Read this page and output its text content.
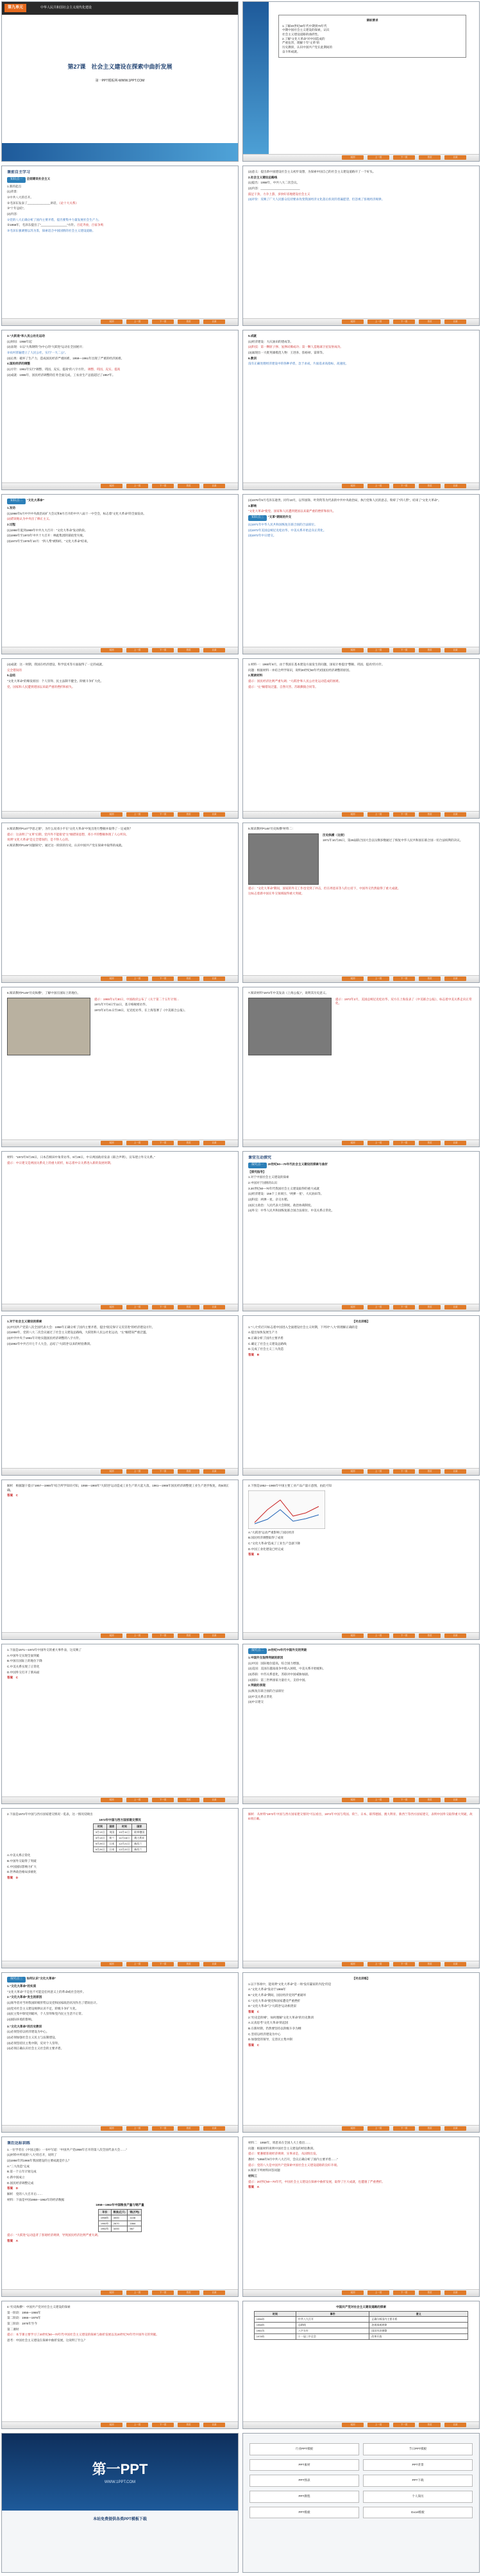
第九单元	中华人民共和国社会主义现代化建设
第27课　社会主义建设在探索中曲折发展
第一PPT模板网-WWW.1PPT.COM
课标要求
1.了解20世纪50年代中期到70年代
中期中国社会主义建设的探索，认识
社会主义建设道路的曲折性。
2.了解“文化大革命”对中国造成的
严重危害，理解十年“文革”的
历史教训，认识中国共产党在此期间的
奋斗和成就。
返回	上一页	下一页	首页	目录
课前自主学习
知识点一 全面建设社会主义

1.新的起点

(1)背景：

①中共八大的召开。

②毛泽东发表了______________讲话，《论十大关系》

③“十年总结”。

(2)内容：

①党的八大正确分析了国内主要矛盾，提出要集中力量发展社会生产力。

②1956年，毛泽东提出了“________________”方针。百花齐放，百家争鸣

③毛泽东强调要以苏为鉴，探索适合中国国情的社会主义建设道路。

返回	上一页	下一页	首页	目录

(2)意义：提出新中国建设社会主义初步设想，为探索中国自己的社会主义建设道路开了一个好头。

2.社会主义建设总路线

(1)提出：1958年，中共八大二次会议。

(2)内容：________________________

鼓足干劲，力争上游，多快好省地建设社会主义

(3)评价：反映了广大人民群众迫切要求改变我国经济文化落后状况的普遍愿望，但忽视了客观经济规律。

返回	上一页	下一页	首页	目录

3.“大跃进”和人民公社化运动

(1)时间：1958年起

(2)表现：①以“大炼钢铁”为中心的“大跃进”运动在全国展开；

②农村普遍建立了人民公社，实行“一大二公”。

(3)后果：破坏了生产力，造成国民经济严重困难，1959—1961年出现了严重的经济困难。

4.国民经济的调整

(1)方针：1961年实行“调整、巩固、充实、提高”的八字方针。 调整、巩固、充实、提高

(2)成就：1965年，国民经济调整的任务全面完成，工农业生产总值超过了1957年。

返回	上一页	下一页	首页	目录

5.成就

(1)经济建设：大庆油田的建成等。

(2)科技：第一颗原子弹、氢弹试爆成功；第一颗人造地球卫星发射成功。

(3)涌现出一大批英雄模范人物：王进喜、焦裕禄、雷锋等。

6.教训

没有正确处理经济建设中的各种矛盾，急于求成，片面追求高指标、高速度。

返回	上一页	下一页	首页	目录
知识点二 “文化大革命”

1.发动

(1)1966年5月中共中央政治局扩大会议和8月召开的中共八届十一中全会，标志着“文化大革命”的全面发动。

(2)错误地认为中央出了修正主义。

2.过程

(1)1966年夏到1969年中共九大召开：“文化大革命”发动阶段。

(2)1969年至1973年中共十大召开：林彪集团阴谋政变失败。

(3)1973年至1976年10月：“四人帮”被粉碎，“文化大革命”结束。

返回	上一页	下一页	首页	目录

(4)1976年9月毛泽东逝世。同年10月，以华国锋、叶剑英等为代表的中共中央政治局，执行党和人民的意志，粉碎了“四人帮”，结束了“文化大革命”。

3.影响

“文化大革命”使党、国家和人民遭到建国以来最严重的挫折和损失。

知识点三 “文革”期间的外交

(1)1971年中华人民共和国恢复在联合国的合法席位。

(2)1972年美国总统尼克松访华，中美关系开始走向正常化。

(3)1972年中日建交。

返回	上一页	下一页	首页	目录

(4)成就：这一时期，我国在经济建设、科学技术等方面取得了一定的成就。

完全错误的

5.总结

“文化大革命”的爆发原因：个人崇拜、民主法制不健全、阶级斗争扩大化。

党、国家和人民遭到建国以来最严重的挫折和损失。

返回	上一页	下一页	首页	目录

1.材料一：1960年8月，由于我国在基本建设方面发生的问题，国家计委提出“整顿、巩固、提高”的方针。

问题：根据材料一并结合所学知识，说明20世纪60年代初国民经济调整的原因。

2.阅读材料

提示：国民经济比例严重失调；“大跃进”和人民公社化运动造成的困难。

提示：“左”倾错误泛滥、自然灾害、苏联撕毁合同等。

返回	上一页	下一页	首页	目录

3.阅读教材P147“学思之窗”，为什么说邓小平在“文化大革命”中复出进行整顿并取得了一定成效？

提示：这表明了“文革”后期，党内外不能接受“左”倾错误思想，邓小平的整顿体现了人心所向。

说明“文化大革命”是完全错误的，是不得人心的。

4.阅读教材P149“问题探究”，通过这一阶段的历史，认识中国共产党在探索中取得的成就。

返回	上一页	下一页	首页	目录

5.阅读教材P146“历史纵横”材料二：

历史纵横 ·（比较）

1971年10月25日，第26届联合国大会以压倒多数通过了恢复中华人民共和国在联合国一切合法权利的决议。

提示：“文化大革命”期间，国家的外交工作也受到了冲击，但在周恩来等人的主持下，中国外交仍然取得了重大成就。

这标志着新中国在外交领域取得重大突破。

返回	上一页	下一页	首页	目录

6.阅读教材P149“历史纵横”，了解中国在国际上的地位。

提示：1965年1月30日，中国政府公布了《关于第二个五年计划...

1971年7月9日至11日，基辛格秘密访华。

1972年2月21日至28日，尼克松访华，在上海签署了《中美联合公报》。

返回	上一页	下一页	首页	目录

7.阅读材料“1972年中美发表《上海公报》”，说明其历史意义。

提示：1972年2月，美国总统尼克松访华，双方在上海发表了《中美联合公报》，标志着中美关系走向正常化。

返回	上一页	下一页	首页	目录

材料：“1972年9月25日，日本首相田中角荣访华。9月29日，中日两国政府发表《联合声明》，宣布建立外交关系。”

提示：中日建交是两国关系史上的重大转折，标志着中日关系进入新的发展时期。

返回	上一页	下一页	首页	目录

课堂互动探究

探究点一 20世纪50—70年代社会主义建设的探索与曲折

【探究指导】

1.对于中国社会主义建设的探索

2.中国对于国情的认识

3.20世纪50—70年代我国社会主义建设取得的重大成就

(1)经济建设：156个工业项目、“两弹一星”、大庆油田等。

(2)科技：两弹一星、杂交水稻。

(3)民主政治：人民代表大会制度、政治协商制度。

(4)外交：中华人民共和国恢复联合国合法席位、中美关系正常化。

返回	上一页	下一页	首页	目录

1.对于社会主义建设的探索

(1)中国共产党第八次全国代表大会：1956年正确分析了国内主要矛盾，提出“既反保守又反冒进”的经济建设方针。

(2)1958年，党的八大二次会议通过了社会主义建设总路线，大跃进和人民公社化运动，“左”倾错误严重泛滥。

(3)中共中央于1961年开始实施国民经济调整的八字方针。

(4)1962年中共召开七千人大会，总结了“大跃进”以来的经验教训。

返回	上一页	下一页	首页	目录

【对点训练】

1.“八大”的召开标志着中国进入全面建设社会主义时期，下列对“八大”的理解正确的是

A.提出加快发展生产力

B.正确分析了国内主要矛盾

C.确定了社会主义建设总路线

D.完成了社会主义三大改造

答案　B

返回	上一页	下一页	首页	目录

解析　根据题干提示“1957—1965年”结合所学知识可知，1958—1960年“大跃进”运动造成工业生产的大起大落，1961—1965年国民经济调整使工业生产逐步恢复，故B项正确。

答案　C

返回	上一页	下一页	首页	目录

2.下图是1952—1965年中国主要工业产品产量示意图，由此可知

A.“大跃进”运动严重影响了国民经济

B.国民经济调整取得了成效

C.“文化大革命”造成了工业生产急剧下降

D.中国工业化建设已经完成

答案　B

返回	上一页	下一页	首页	目录

1.下面是1971—1972年中国外交的重大事件表，这反映了

A.中国外交实现全面突破

B.中国在国际上的地位下降

C.中美关系实现了正常化

D.中国外交打开了新局面

答案　C

返回	上一页	下一页	首页	目录
探究点二 20世纪70年代中国外交的突破

1.中国外交取得突破的原因

(1)中国：国际地位提高，综合国力增强。

(2)美国：美国在越南战争中陷入困境，中美关系开始缓和。

(3)苏联：中苏关系恶化，苏联对中国威胁加剧。

(4)国际：第三世界国家力量壮大，支持中国。

2.突破的表现

(1)恢复在联合国的合法席位

(2)中美关系正常化

(3)中日建交

返回	上一页	下一页	首页	目录

2.下面是1972年中国与西方国家建交情况一览表，这一情况反映出

1972年中国与西方国家建交情况

时间	国家	时间	国家
3月13日	英国	10月11日	联邦德国
3月13日	荷兰	11月16日	澳大利亚
9月29日	日本	12月21日	新西兰
9月29日	日本	12月22日	新西兰

A.中美关系正常化

B.中国外交取得了突破

C.中国国际影响力扩大

D.世界政治格局多极化

答案　D

返回	上一页	下一页	首页	目录

解析　从材料“1972年中国与西方国家建交情况”可以看出，1972年中国与英国、荷兰、日本、联邦德国、澳大利亚、新西兰等西方国家建交，表明中国外交取得重大突破，故D项正确。

返回	上一页	下一页	首页	目录
探究点三 如何认识“文化大革命”

1.“文化大革命”的实质

“文化大革命”不是也不可能是任何意义上的革命或社会进步。

2.“文化大革命”发生的原因

(1)领导者对当时我国阶级形势以及党和国家政治状况作出了错误估计。

(2)党对社会主义建设规律认识不足，阶级斗争扩大化。

(3)民主集中制受到破坏，个人崇拜和党内民主生活不正常。

(4)国际环境的影响。

3.“文化大革命”的历史教训

(1)必须坚持以经济建设为中心。

(2)必须加强社会主义民主与法制建设。

(3)必须坚持民主集中制，反对个人崇拜。

(4)必须正确认识社会主义社会的主要矛盾。

返回	上一页	下一页	首页	目录

【对点训练】

1.以下各项中，能说明“文化大革命”是一场“没有赢家的内乱”的是

A.“文化大革命”发动于1966年

B.“文化大革命”期间，国民经济受到严重破坏

C.“文化大革命”使党和国家遭受严重挫折

D.“文化大革命”与“大跃进”运动相类似

答案　C

2.“历史是阶梯”，如何理解“文化大革命”的历史教训

A.认真思考“文化大革命”的起因

B.在新时期，仍然要坚持以阶级斗争为纲

C.坚持以经济建设为中心

D.加强党的领导，完善民主集中制

答案　C

返回	上一页	下一页	首页	目录

课后达标训练

1.一位学者在《中国之路》一书中写道：“中国共产党1956年召开的第八次全国代表大会……”

(1)材料中所说的“八大”的召开，说明了

(2)1956年到1966年我国建设的主要成就是什么？

A.“三大改造”完成

B.第一个五年计划完成

C.新中国成立

D.国民经济调整完成

答案　D

解析　党的八大召开后……

材料：下面是中国1958—1962年的经济数据

1958—1962年中国粮食产量与钢产量

年份	粮食(亿斤)	钢(万吨)
1958年	4000	1108
1960年	2870	1866
1962年	3200	667

提示：“大跃进”运动违背了客观经济规律，导致国民经济比例严重失调。

答案　A

返回	上一页	下一页	首页	目录

材料二　1958年，周恩来在全国人大上指出……

问题：根据材料说明中国社会主义建设的经验教训。

提示：要遵循客观经济规律，实事求是，从国情出发。

教材：“1956年9月中共八大召开，会议正确分析了国内主要矛盾……”

提示：党的八大是中国共产党探索中国社会主义建设道路的良好开端。

3.阅读下列材料回答问题

材料三

提示：20世纪50—70年代，中国社会主义建设在探索中曲折发展，取得了巨大成就，也遭遇了严重挫折。

答案　A

返回	上一页	下一页	首页	目录

4.“历史纵横”：中国共产党对社会主义建设的探索

第一阶段：1956—1966年

第二阶段：1966—1976年

第三阶段：1976年至今

第二课时

提示：本节课主要学习了20世纪50—70年代中国社会主义建设的探索与曲折发展以及20世纪70年代中国外交的突破。

思考：中国社会主义建设在探索中曲折发展，这说明了什么？

返回	上一页	下一页	首页	目录

中国共产党对社会主义建设道路的探索

时间	事件	意义
1956年	中共八大召开	正确分析国内主要矛盾
1958年	总路线	忽视客观规律
1961年	八字方针	国民经济调整
1978年	十一届三中全会	改革开放
返回	上一页	下一页	首页	目录
第一PPT
WWW.1PPT.COM
本站免费提供各类PPT模板下载
行业PPT模板	节日PPT模板
PPT素材	PPT背景
PPT图表	PPT下载
PPT教程	个人简历
PPT模板	Excel模板
